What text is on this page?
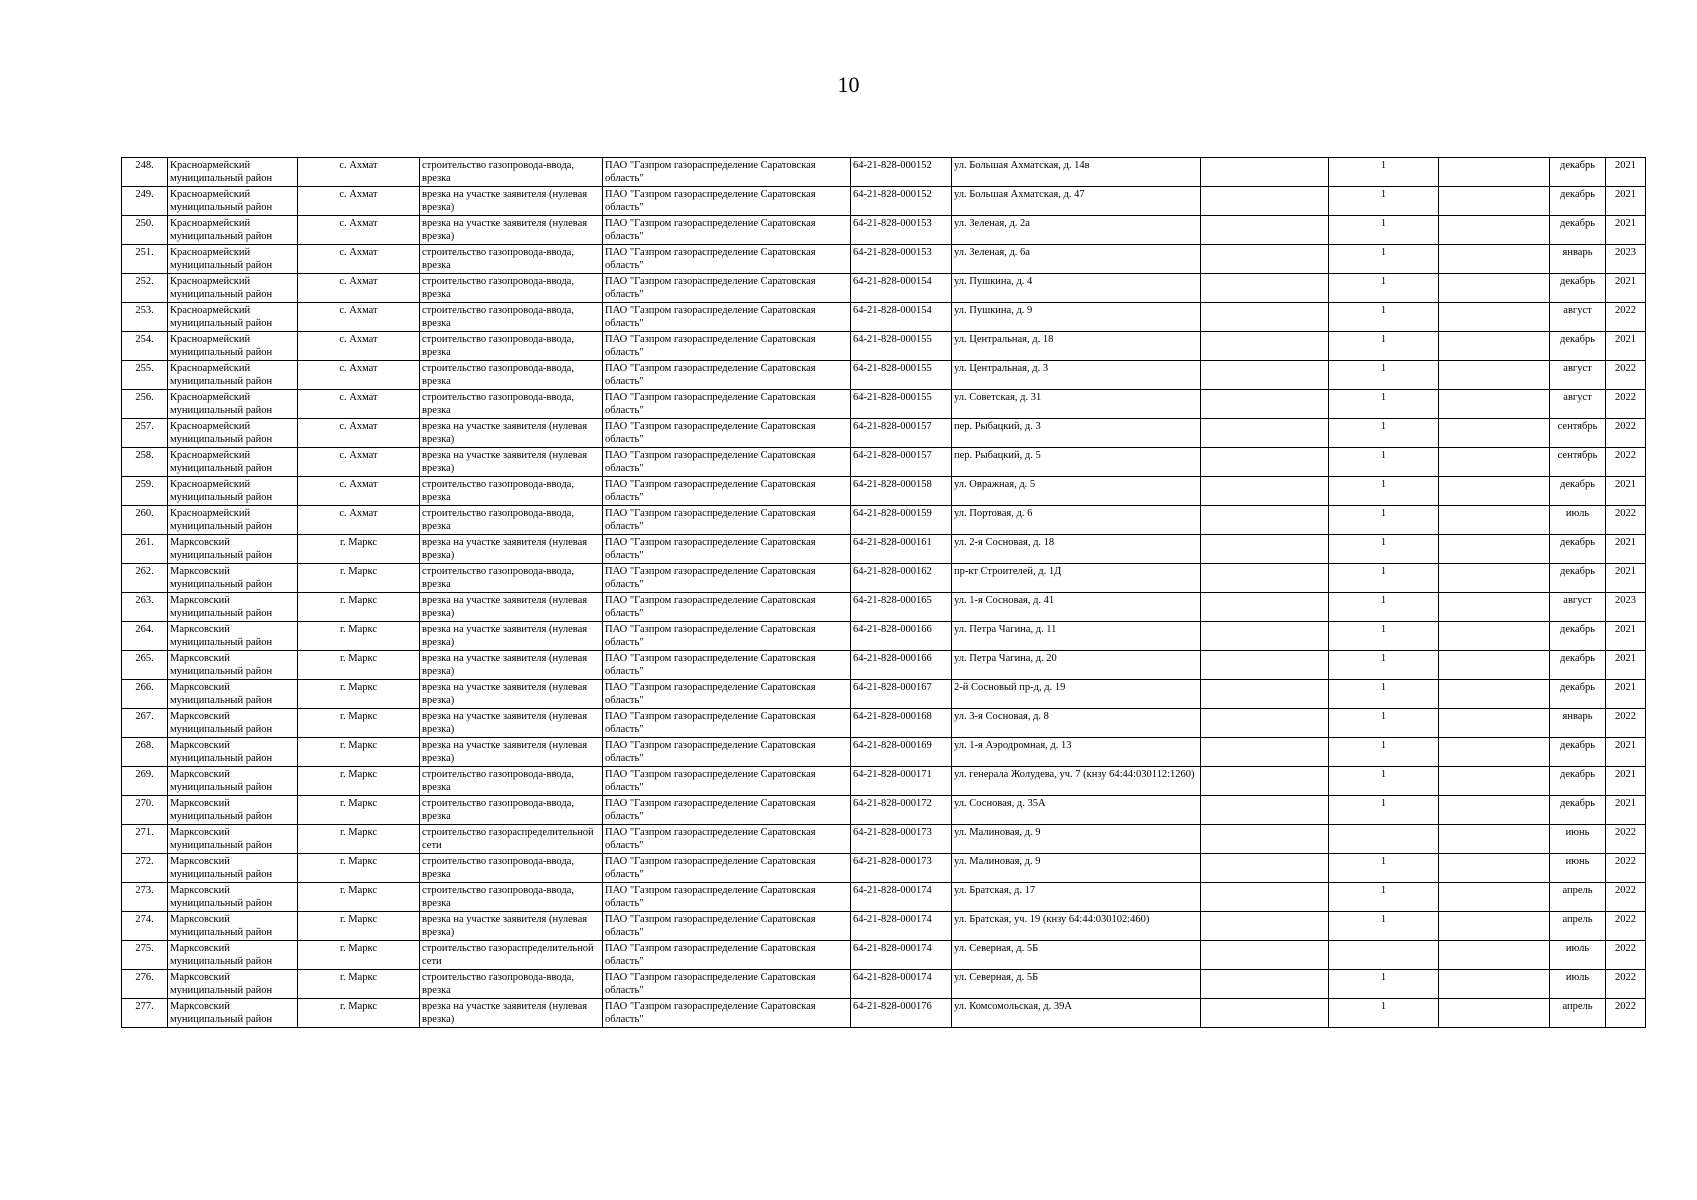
10
248.	Красноармейский муниципальный район	с. Ахмат	строительство газопровода-ввода, врезка	ПАО "Газпром газораспределение Саратовская область"	64-21-828-000152	ул. Большая Ахматская, д. 14в		1		декабрь	2021
249.	Красноармейский муниципальный район	с. Ахмат	врезка на участке заявителя (нулевая врезка)	ПАО "Газпром газораспределение Саратовская область"	64-21-828-000152	ул. Большая Ахматская, д. 47		1		декабрь	2021
250.	Красноармейский муниципальный район	с. Ахмат	врезка на участке заявителя (нулевая врезка)	ПАО "Газпром газораспределение Саратовская область"	64-21-828-000153	ул. Зеленая, д. 2а		1		декабрь	2021
251.	Красноармейский муниципальный район	с. Ахмат	строительство газопровода-ввода, врезка	ПАО "Газпром газораспределение Саратовская область"	64-21-828-000153	ул. Зеленая, д. 6а		1		январь	2023
252.	Красноармейский муниципальный район	с. Ахмат	строительство газопровода-ввода, врезка	ПАО "Газпром газораспределение Саратовская область"	64-21-828-000154	ул. Пушкина, д. 4		1		декабрь	2021
253.	Красноармейский муниципальный район	с. Ахмат	строительство газопровода-ввода, врезка	ПАО "Газпром газораспределение Саратовская область"	64-21-828-000154	ул. Пушкина, д. 9		1		август	2022
254.	Красноармейский муниципальный район	с. Ахмат	строительство газопровода-ввода, врезка	ПАО "Газпром газораспределение Саратовская область"	64-21-828-000155	ул. Центральная, д. 18		1		декабрь	2021
255.	Красноармейский муниципальный район	с. Ахмат	строительство газопровода-ввода, врезка	ПАО "Газпром газораспределение Саратовская область"	64-21-828-000155	ул. Центральная, д. 3		1		август	2022
256.	Красноармейский муниципальный район	с. Ахмат	строительство газопровода-ввода, врезка	ПАО "Газпром газораспределение Саратовская область"	64-21-828-000155	ул. Советская, д. 31		1		август	2022
257.	Красноармейский муниципальный район	с. Ахмат	врезка на участке заявителя (нулевая врезка)	ПАО "Газпром газораспределение Саратовская область"	64-21-828-000157	пер. Рыбацкий, д. 3		1		сентябрь	2022
258.	Красноармейский муниципальный район	с. Ахмат	врезка на участке заявителя (нулевая врезка)	ПАО "Газпром газораспределение Саратовская область"	64-21-828-000157	пер. Рыбацкий, д. 5		1		сентябрь	2022
259.	Красноармейский муниципальный район	с. Ахмат	строительство газопровода-ввода, врезка	ПАО "Газпром газораспределение Саратовская область"	64-21-828-000158	ул. Овражная, д. 5		1		декабрь	2021
260.	Красноармейский муниципальный район	с. Ахмат	строительство газопровода-ввода, врезка	ПАО "Газпром газораспределение Саратовская область"	64-21-828-000159	ул. Портовая, д. 6		1		июль	2022
261.	Марксовский муниципальный район	г. Маркс	врезка на участке заявителя (нулевая врезка)	ПАО "Газпром газораспределение Саратовская область"	64-21-828-000161	ул. 2-я Сосновая, д. 18		1		декабрь	2021
262.	Марксовский муниципальный район	г. Маркс	строительство газопровода-ввода, врезка	ПАО "Газпром газораспределение Саратовская область"	64-21-828-000162	пр-кт Строителей, д. 1Д		1		декабрь	2021
263.	Марксовский муниципальный район	г. Маркс	врезка на участке заявителя (нулевая врезка)	ПАО "Газпром газораспределение Саратовская область"	64-21-828-000165	ул. 1-я Сосновая, д. 41		1		август	2023
264.	Марксовский муниципальный район	г. Маркс	врезка на участке заявителя (нулевая врезка)	ПАО "Газпром газораспределение Саратовская область"	64-21-828-000166	ул. Петра Чагина, д. 11		1		декабрь	2021
265.	Марксовский муниципальный район	г. Маркс	врезка на участке заявителя (нулевая врезка)	ПАО "Газпром газораспределение Саратовская область"	64-21-828-000166	ул. Петра Чагина, д. 20		1		декабрь	2021
266.	Марксовский муниципальный район	г. Маркс	врезка на участке заявителя (нулевая врезка)	ПАО "Газпром газораспределение Саратовская область"	64-21-828-000167	2-й Сосновый пр-д, д. 19		1		декабрь	2021
267.	Марксовский муниципальный район	г. Маркс	врезка на участке заявителя (нулевая врезка)	ПАО "Газпром газораспределение Саратовская область"	64-21-828-000168	ул. 3-я Сосновая, д. 8		1		январь	2022
268.	Марксовский муниципальный район	г. Маркс	врезка на участке заявителя (нулевая врезка)	ПАО "Газпром газораспределение Саратовская область"	64-21-828-000169	ул. 1-я Аэродромная, д. 13		1		декабрь	2021
269.	Марксовский муниципальный район	г. Маркс	строительство газопровода-ввода, врезка	ПАО "Газпром газораспределение Саратовская область"	64-21-828-000171	ул. генерала Жолудева, уч. 7 (кнзу 64:44:030112:1260)		1		декабрь	2021
270.	Марксовский муниципальный район	г. Маркс	строительство газопровода-ввода, врезка	ПАО "Газпром газораспределение Саратовская область"	64-21-828-000172	ул. Сосновая, д. 35А		1		декабрь	2021
271.	Марксовский муниципальный район	г. Маркс	строительство газораспределительной сети	ПАО "Газпром газораспределение Саратовская область"	64-21-828-000173	ул. Малиновая, д. 9				июнь	2022
272.	Марксовский муниципальный район	г. Маркс	строительство газопровода-ввода, врезка	ПАО "Газпром газораспределение Саратовская область"	64-21-828-000173	ул. Малиновая, д. 9		1		июнь	2022
273.	Марксовский муниципальный район	г. Маркс	строительство газопровода-ввода, врезка	ПАО "Газпром газораспределение Саратовская область"	64-21-828-000174	ул. Братская, д. 17		1		апрель	2022
274.	Марксовский муниципальный район	г. Маркс	врезка на участке заявителя (нулевая врезка)	ПАО "Газпром газораспределение Саратовская область"	64-21-828-000174	ул. Братская, уч. 19 (кнзу 64:44:030102:460)		1		апрель	2022
275.	Марксовский муниципальный район	г. Маркс	строительство газораспределительной сети	ПАО "Газпром газораспределение Саратовская область"	64-21-828-000174	ул. Северная, д. 5Б				июль	2022
276.	Марксовский муниципальный район	г. Маркс	строительство газопровода-ввода, врезка	ПАО "Газпром газораспределение Саратовская область"	64-21-828-000174	ул. Северная, д. 5Б		1		июль	2022
277.	Марксовский муниципальный район	г. Маркс	врезка на участке заявителя (нулевая врезка)	ПАО "Газпром газораспределение Саратовская область"	64-21-828-000176	ул. Комсомольская, д. 39А		1		апрель	2022
